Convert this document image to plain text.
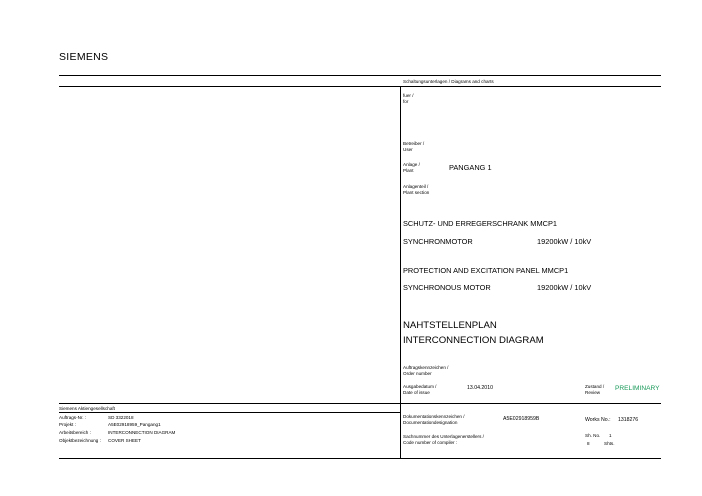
SIEMENS
Schaltungsunterlagen / Diagrams and charts
fuer /
for
Betreiber /
User
Anlage /
Plant	PANGANG 1
Anlagenteil /
Plant section
SCHUTZ- UND ERREGERSCHRANK MMCP1
SYNCHRONMOTOR	19200kW / 10kV
PROTECTION AND EXCITATION PANEL MMCP1
SYNCHRONOUS MOTOR	19200kW / 10kV
NAHTSTELLENPLAN
INTERCONNECTION DIAGRAM
Auftragskennzeichen /
Order number
Ausgabedatum /
Date of issue
13.04.2010	Zustand /
Review
PRELIMINARY
Siemens Aktiengesellschaft
Auftrags-Nr. :	SD 3322018
Projekt :	A5E02918959_Pangang1
Arbeitsbereich :	INTERCONNECTION DIAGRAM
Objektbezeichnung : COVER SHEET
Dokumentationskennzeichen /
Documentationdesignation
A5E02918959B	Works No.: 1318276
Sachnummer des Unterlagenerstellers /
Code number of compiler :
Sh. No. 1
8	Shts.
